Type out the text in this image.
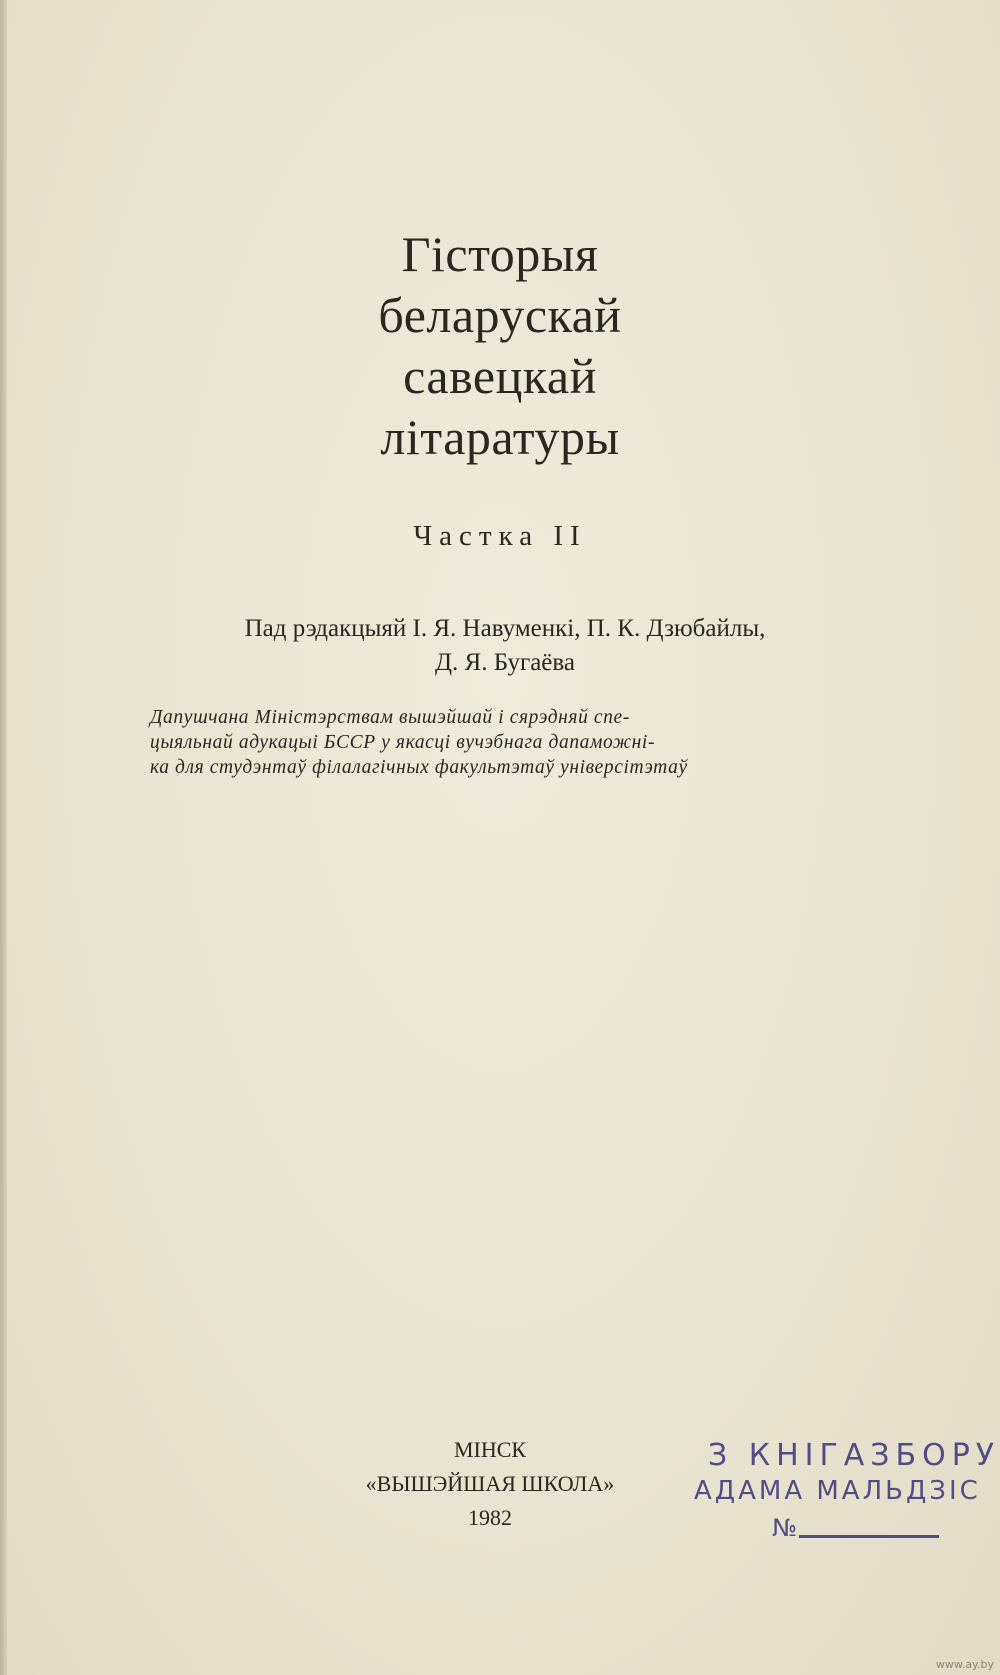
Гісторыя
беларускай
савецкай
літаратуры
Частка II
Пад рэдакцыяй І. Я. Навуменкі, П. К. Дзюбайлы,
Д. Я. Бугаёва
Дапушчана Міністэрствам вышэйшай і сярэдняй спе-
цыяльнай адукацыі БССР у якасці вучэбнага дапаможні-
ка для студэнтаў філалагічных факультэтаў універсітэтаў
МІНСК
«ВЫШЭЙШАЯ ШКОЛА»
1982
З КНІГАЗБОРУ
АДАМА МАЛЬДЗІС
№
www.ay.by
